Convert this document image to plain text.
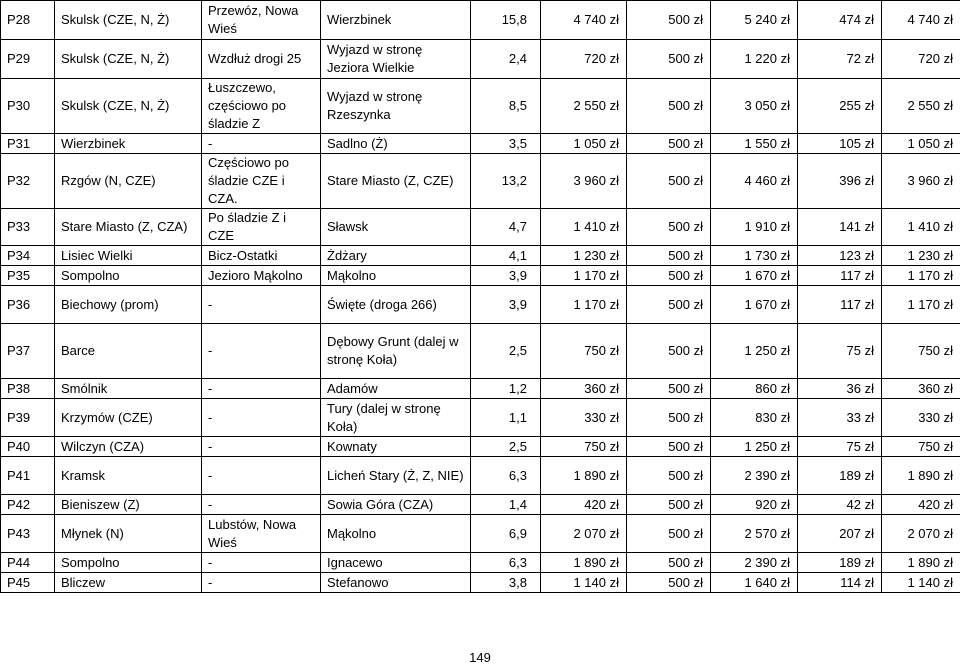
P28	Skulsk (CZE, N, Ż)	Przewóz, Nowa Wieś	Wierzbinek	15,8	4 740 zł	500 zł	5 240 zł	474 zł	4 740 zł
P29	Skulsk (CZE, N, Ż)	Wzdłuż drogi 25	Wyjazd w stronę Jeziora Wielkie	2,4	720 zł	500 zł	1 220 zł	72 zł	720 zł
P30	Skulsk (CZE, N, Ż)	Łuszczewo, częściowo po śladzie Z	Wyjazd w stronę Rzeszynka	8,5	2 550 zł	500 zł	3 050 zł	255 zł	2 550 zł
P31	Wierzbinek	-	Sadlno (Ż)	3,5	1 050 zł	500 zł	1 550 zł	105 zł	1 050 zł
P32	Rzgów (N, CZE)	Częściowo po śladzie CZE i CZA.	Stare Miasto (Z, CZE)	13,2	3 960 zł	500 zł	4 460 zł	396 zł	3 960 zł
P33	Stare Miasto (Z, CZA)	Po śladzie Z i CZE	Sławsk	4,7	1 410 zł	500 zł	1 910 zł	141 zł	1 410 zł
P34	Lisiec Wielki	Bicz-Ostatki	Żdżary	4,1	1 230 zł	500 zł	1 730 zł	123 zł	1 230 zł
P35	Sompolno	Jezioro Mąkolno	Mąkolno	3,9	1 170 zł	500 zł	1 670 zł	117 zł	1 170 zł
P36	Biechowy (prom)	-	Święte (droga 266)	3,9	1 170 zł	500 zł	1 670 zł	117 zł	1 170 zł
P37	Barce	-	Dębowy Grunt (dalej w stronę Koła)	2,5	750 zł	500 zł	1 250 zł	75 zł	750 zł
P38	Smólnik	-	Adamów	1,2	360 zł	500 zł	860 zł	36 zł	360 zł
P39	Krzymów (CZE)	-	Tury (dalej w stronę Koła)	1,1	330 zł	500 zł	830 zł	33 zł	330 zł
P40	Wilczyn (CZA)	-	Kownaty	2,5	750 zł	500 zł	1 250 zł	75 zł	750 zł
P41	Kramsk	-	Licheń Stary (Ż, Z, NIE)	6,3	1 890 zł	500 zł	2 390 zł	189 zł	1 890 zł
P42	Bieniszew (Z)	-	Sowia Góra (CZA)	1,4	420 zł	500 zł	920 zł	42 zł	420 zł
P43	Młynek (N)	Lubstów, Nowa Wieś	Mąkolno	6,9	2 070 zł	500 zł	2 570 zł	207 zł	2 070 zł
P44	Sompolno	-	Ignacewo	6,3	1 890 zł	500 zł	2 390 zł	189 zł	1 890 zł
P45	Bliczew	-	Stefanowo	3,8	1 140 zł	500 zł	1 640 zł	114 zł	1 140 zł
149
